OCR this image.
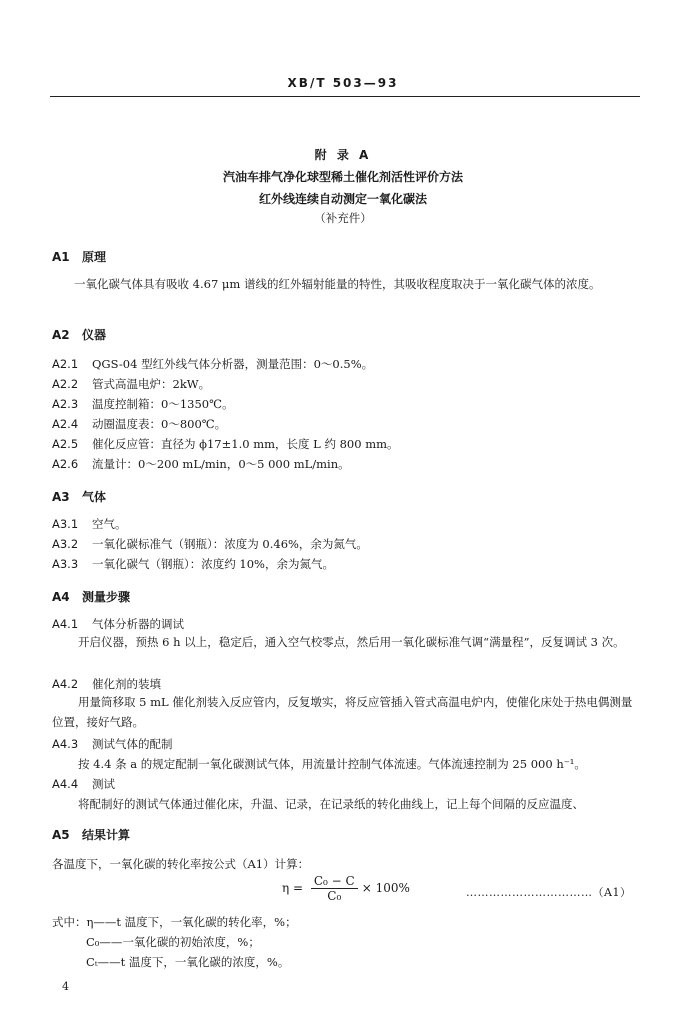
XB/T 503—93
附 录 A
汽油车排气净化球型稀土催化剂活性评价方法
红外线连续自动测定一氧化碳法
（补充件）
A1 原理
一氧化碳气体具有吸收 4.67 μm 谱线的红外辐射能量的特性，其吸收程度取决于一氧化碳气体的浓度。
A2 仪器
A2.1 QGS-04 型红外线气体分析器，测量范围：0～0.5%。
A2.2 管式高温电炉：2kW。
A2.3 温度控制箱：0～1350℃。
A2.4 动圈温度表：0～800℃。
A2.5 催化反应管：直径为 ϕ17±1.0 mm，长度 L 约 800 mm。
A2.6 流量计：0～200 mL/min，0～5 000 mL/min。
A3 气体
A3.1 空气。
A3.2 一氧化碳标准气（钢瓶）：浓度为 0.46%，余为氮气。
A3.3 一氧化碳气（钢瓶）：浓度约 10%，余为氮气。
A4 测量步骤
A4.1 气体分析器的调试
开启仪器，预热 6 h 以上，稳定后，通入空气校零点，然后用一氧化碳标准气调“满量程”，反复调试 3 次。
A4.2 催化剂的装填
用量筒移取 5 mL 催化剂装入反应管内，反复墩实，将反应管插入管式高温电炉内，使催化床处于热电偶测量位置，接好气路。
A4.3 测试气体的配制
按 4.4 条 a 的规定配制一氧化碳测试气体，用流量计控制气体流速。气体流速控制为 25 000 h⁻¹。
A4.4 测试
将配制好的测试气体通过催化床，升温、记录，在记录纸的转化曲线上，记上每个间隔的反应温度、
A5 结果计算
各温度下，一氧化碳的转化率按公式（A1）计算：
$\eta = \frac{\text{C₀ − C}}{\text{C₀}} \times 100\%$	……………………………（A1）
式中：η——t 温度下，一氧化碳的转化率，%；
C₀——一氧化碳的初始浓度，%；
Cₜ——t 温度下，一氧化碳的浓度，%。
4
